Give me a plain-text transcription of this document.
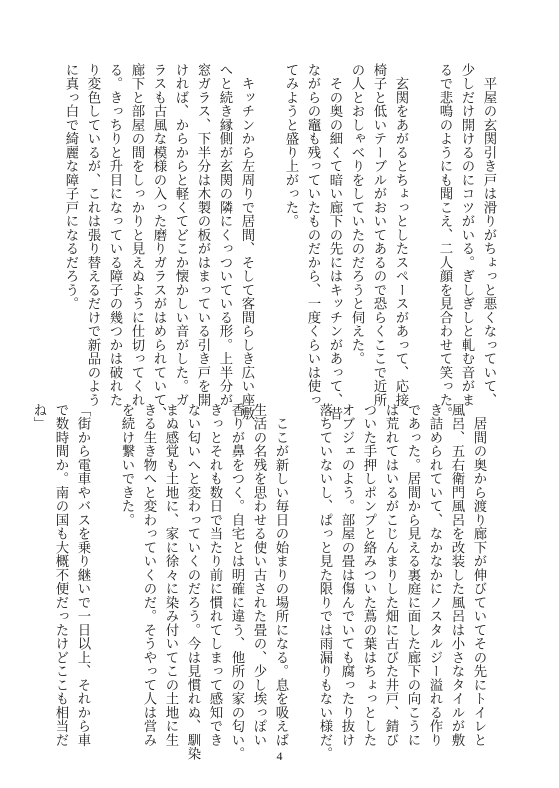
　平屋の玄関引き戸は滑りがちょっと悪くなっていて、
少しだけ開けるのにコツがいる。ぎしぎしと軋む音がま
るで悲鳴のようにも聞こえ、二人顔を見合わせて笑った。

　玄関をあがるとちょっとしたスペースがあって、応接
椅子と低いテーブルがおいてあるので恐らくここで近所
の人とおしゃべりをしていたのだろうと伺えた。
　その奥の細くて暗い廊下の先にはキッチンがあって、昔
ながらの竈も残っていたものだから、一度くらいは使っ
てみようと盛り上がった。

　キッチンから左周りで居間、そして客間らしき広い座敷
へと続き縁側が玄関の隣にくっついている形。上半分が
窓ガラス、下半分は木製の板がはまっている引き戸を開
ければ、からからと軽くてどこか懐かしい音がした。ガ
ラスも古風な模様の入った磨りガラスがはめられていて、
廊下と部屋の間をしっかりと見えぬように仕切ってくれ
る。きっちりと升目になっている障子の幾つかは破れた
り変色しているが、これは張り替えるだけで新品のよう
に真っ白で綺麗な障子戸になるだろう。
　居間の奥から渡り廊下が伸びていてその先にトイレと
風呂、五右衛門風呂を改装した風呂は小さなタイルが敷
き詰められていて、なかなかにノスタルジー溢れる作り
であった。居間から見える裏庭に面した廊下の向こうに
は荒れてはいるがこじんまりした畑に古びた井戸、錆び
ついた手押しポンプと絡みついた蔦の葉はちょっとした
オブジェのよう。部屋の畳は傷んでいても腐ったり抜け
落ちていないし、ぱっと見た限りでは雨漏りもない様だ。

　ここが新しい毎日の始まりの場所になる。息を吸えば
生活の名残を思わせる使い古された畳の、少し埃っぽい
香りが鼻をつく。自宅とは明確に違う、他所の家の匂い。
きっとそれも数日で当たり前に慣れてしまって感知でき
ない匂いへと変わっていくのだろう。今は見慣れぬ、馴染
まぬ感覚も土地に、家に徐々に染み付いてこの土地に生
きる生き物へと変わっていくのだ。そうやって人は営み
を続け繋いできた。

「街から電車やバスを乗り継いで一日以上、それから車
で数時間か。南の国も大概不便だったけどここも相当だ
ね」
4
